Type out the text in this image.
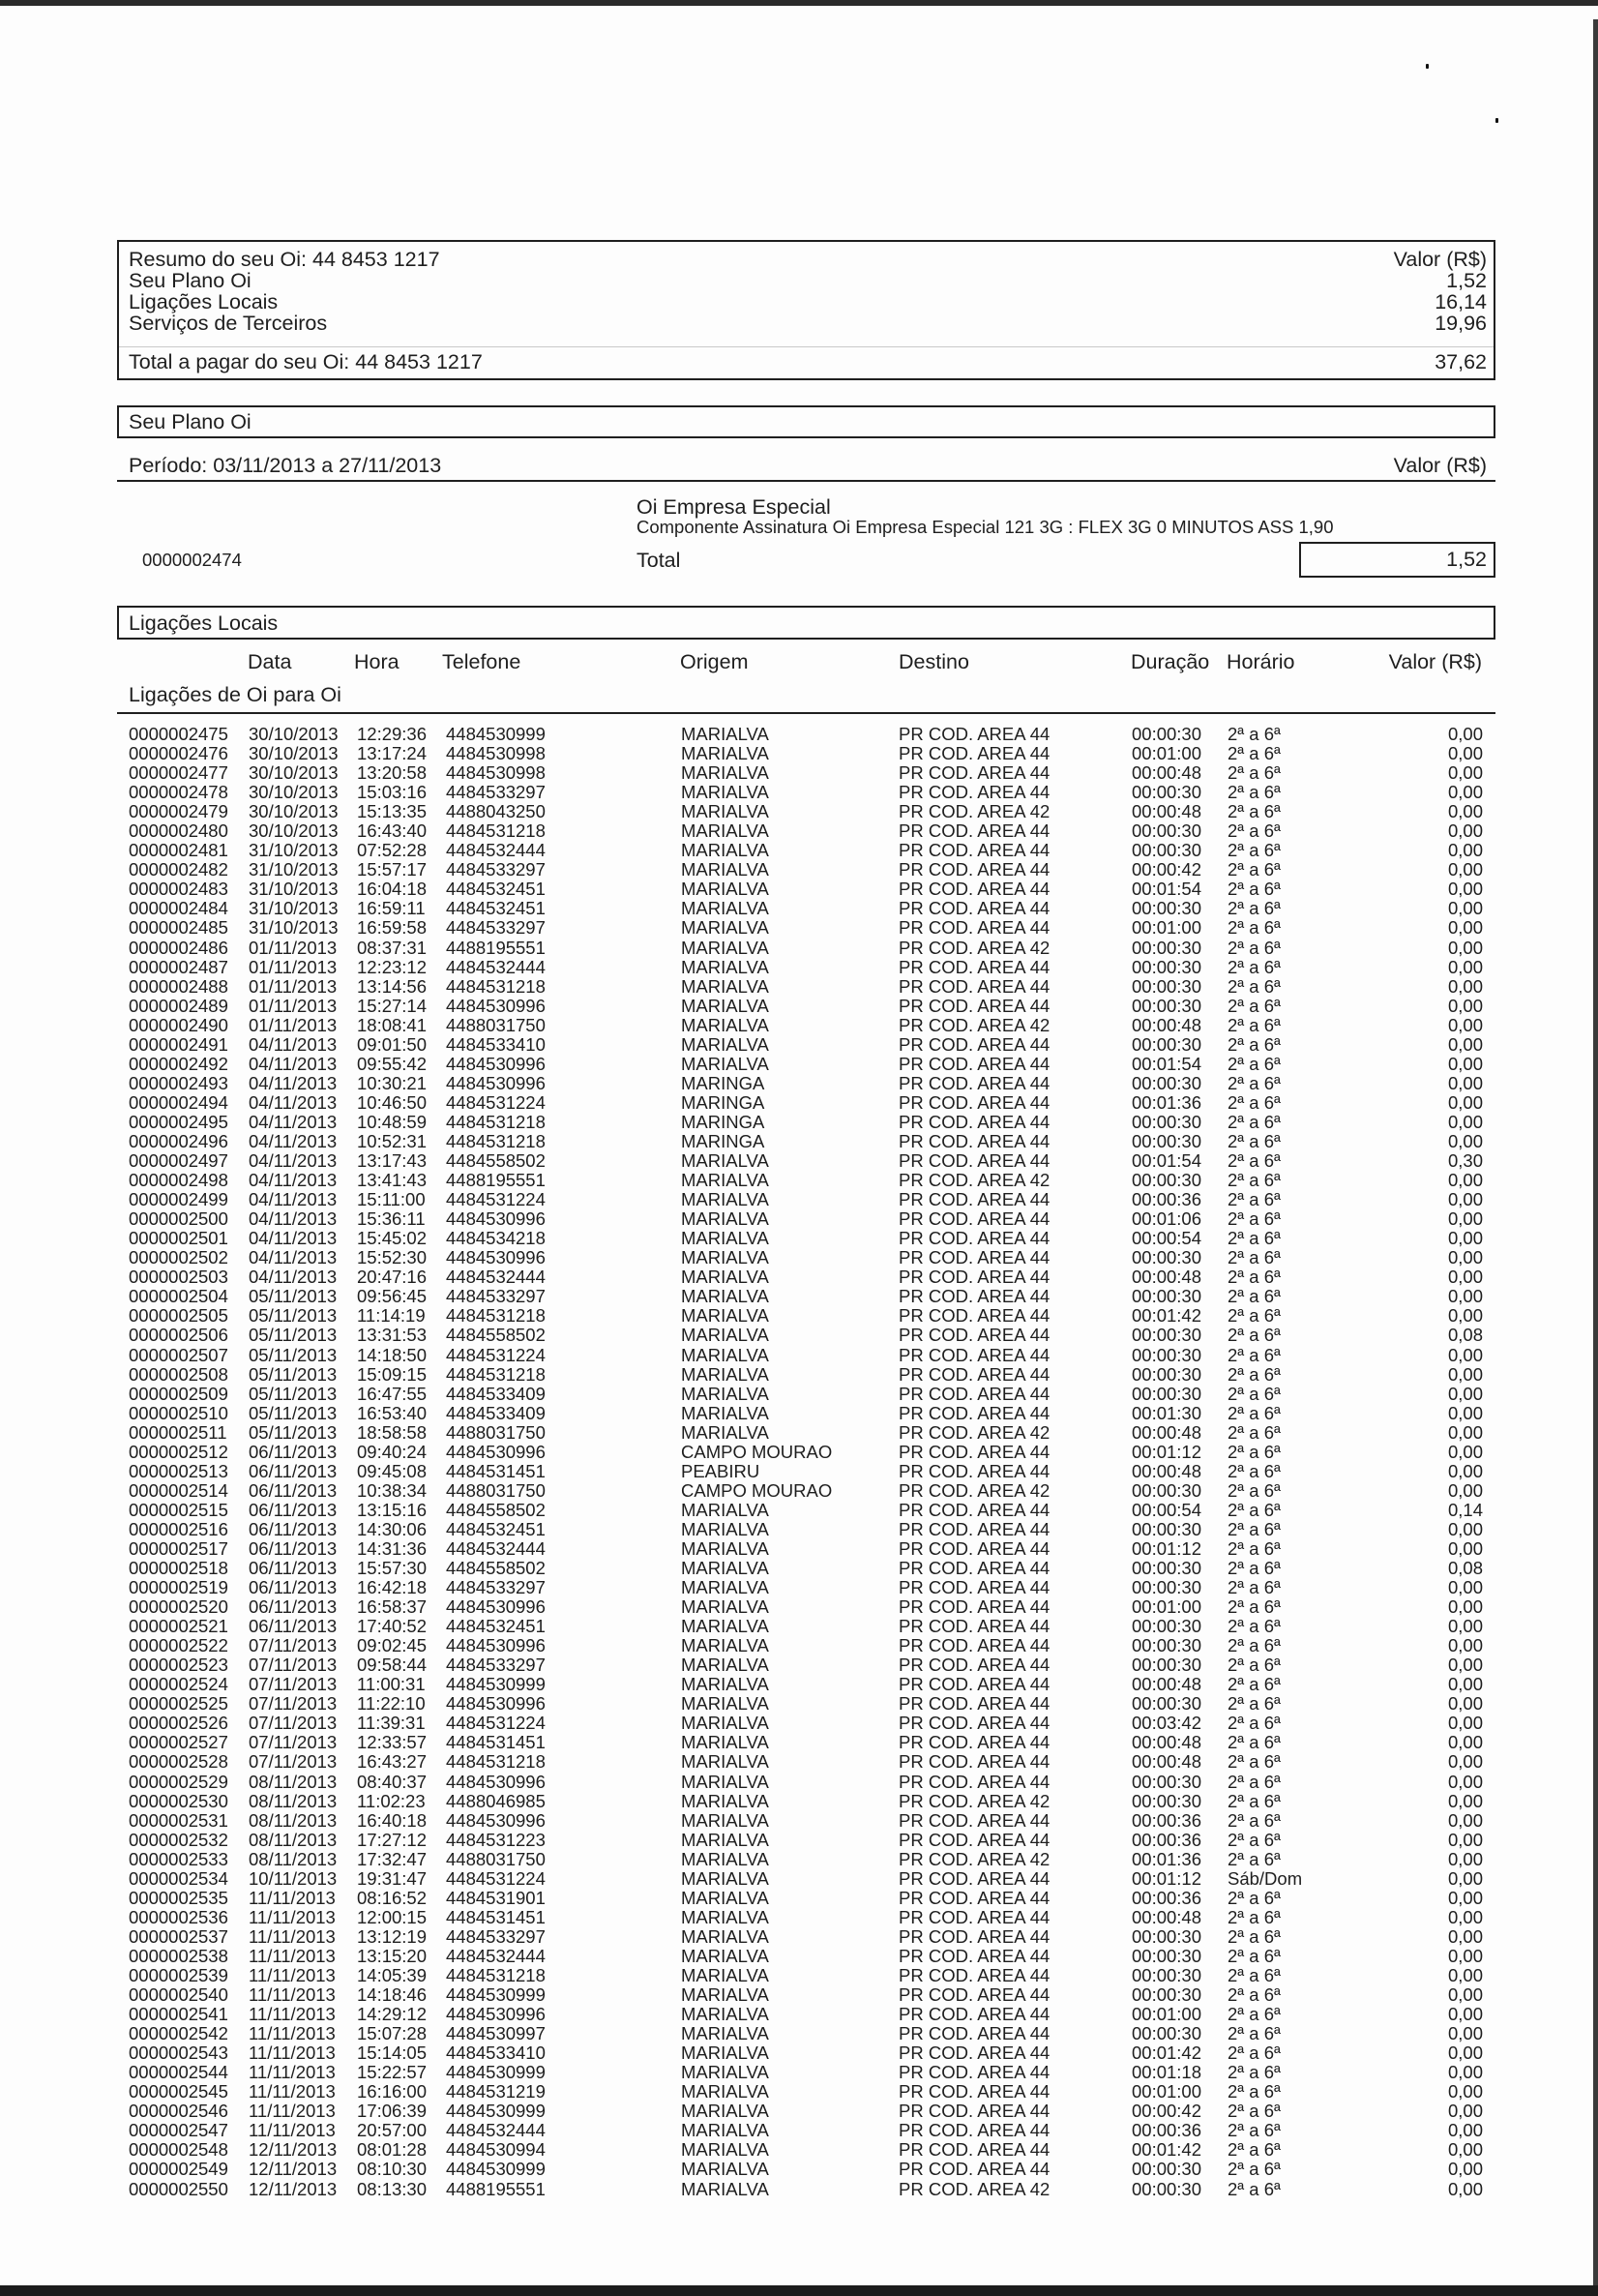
Resumo do seu Oi: 44 8453 1217	Valor (R$)
Seu Plano Oi	1,52
Ligações Locais	16,14
Serviços de Terceiros	19,96
Total a pagar do seu Oi: 44 8453 1217	37,62
Seu Plano Oi
Período: 03/11/2013 a 27/11/2013	Valor (R$)
Oi Empresa Especial
Componente Assinatura Oi Empresa Especial 121 3G : FLEX 3G 0 MINUTOS ASS 1,90
0000002474	Total	1,52
Ligações Locais
Data	Hora Telefone	Origem	Destino	Duração Horário	Valor (R$)
Ligações de Oi para Oi
0000002475 30/10/2013 12:29:36 4484530999	MARIALVA	PR COD. AREA 44	00:00:30 2ª a 6ª	0,00
0000002476 30/10/2013 13:17:24 4484530998	MARIALVA	PR COD. AREA 44	00:01:00 2ª a 6ª	0,00
0000002477 30/10/2013 13:20:58 4484530998	MARIALVA	PR COD. AREA 44	00:00:48 2ª a 6ª	0,00
0000002478 30/10/2013 15:03:16 4484533297	MARIALVA	PR COD. AREA 44	00:00:30 2ª a 6ª	0,00
0000002479 30/10/2013 15:13:35 4488043250	MARIALVA	PR COD. AREA 42	00:00:48 2ª a 6ª	0,00
0000002480 30/10/2013 16:43:40 4484531218	MARIALVA	PR COD. AREA 44	00:00:30 2ª a 6ª	0,00
0000002481 31/10/2013 07:52:28 4484532444	MARIALVA	PR COD. AREA 44	00:00:30 2ª a 6ª	0,00
0000002482 31/10/2013 15:57:17 4484533297	MARIALVA	PR COD. AREA 44	00:00:42 2ª a 6ª	0,00
0000002483 31/10/2013 16:04:18 4484532451	MARIALVA	PR COD. AREA 44	00:01:54 2ª a 6ª	0,00
0000002484 31/10/2013 16:59:11 4484532451	MARIALVA	PR COD. AREA 44	00:00:30 2ª a 6ª	0,00
0000002485 31/10/2013 16:59:58 4484533297	MARIALVA	PR COD. AREA 44	00:01:00 2ª a 6ª	0,00
0000002486 01/11/2013 08:37:31 4488195551	MARIALVA	PR COD. AREA 42	00:00:30 2ª a 6ª	0,00
0000002487 01/11/2013 12:23:12 4484532444	MARIALVA	PR COD. AREA 44	00:00:30 2ª a 6ª	0,00
0000002488 01/11/2013 13:14:56 4484531218	MARIALVA	PR COD. AREA 44	00:00:30 2ª a 6ª	0,00
0000002489 01/11/2013 15:27:14 4484530996	MARIALVA	PR COD. AREA 44	00:00:30 2ª a 6ª	0,00
0000002490 01/11/2013 18:08:41 4488031750	MARIALVA	PR COD. AREA 42	00:00:48 2ª a 6ª	0,00
0000002491 04/11/2013 09:01:50 4484533410	MARIALVA	PR COD. AREA 44	00:00:30 2ª a 6ª	0,00
0000002492 04/11/2013 09:55:42 4484530996	MARIALVA	PR COD. AREA 44	00:01:54 2ª a 6ª	0,00
0000002493 04/11/2013 10:30:21 4484530996	MARINGA	PR COD. AREA 44	00:00:30 2ª a 6ª	0,00
0000002494 04/11/2013 10:46:50 4484531224	MARINGA	PR COD. AREA 44	00:01:36 2ª a 6ª	0,00
0000002495 04/11/2013 10:48:59 4484531218	MARINGA	PR COD. AREA 44	00:00:30 2ª a 6ª	0,00
0000002496 04/11/2013 10:52:31 4484531218	MARINGA	PR COD. AREA 44	00:00:30 2ª a 6ª	0,00
0000002497 04/11/2013 13:17:43 4484558502	MARIALVA	PR COD. AREA 44	00:01:54 2ª a 6ª	0,30
0000002498 04/11/2013 13:41:43 4488195551	MARIALVA	PR COD. AREA 42	00:00:30 2ª a 6ª	0,00
0000002499 04/11/2013 15:11:00 4484531224	MARIALVA	PR COD. AREA 44	00:00:36 2ª a 6ª	0,00
0000002500 04/11/2013 15:36:11 4484530996	MARIALVA	PR COD. AREA 44	00:01:06 2ª a 6ª	0,00
0000002501 04/11/2013 15:45:02 4484534218	MARIALVA	PR COD. AREA 44	00:00:54 2ª a 6ª	0,00
0000002502 04/11/2013 15:52:30 4484530996	MARIALVA	PR COD. AREA 44	00:00:30 2ª a 6ª	0,00
0000002503 04/11/2013 20:47:16 4484532444	MARIALVA	PR COD. AREA 44	00:00:48 2ª a 6ª	0,00
0000002504 05/11/2013 09:56:45 4484533297	MARIALVA	PR COD. AREA 44	00:00:30 2ª a 6ª	0,00
0000002505 05/11/2013 11:14:19 4484531218	MARIALVA	PR COD. AREA 44	00:01:42 2ª a 6ª	0,00
0000002506 05/11/2013 13:31:53 4484558502	MARIALVA	PR COD. AREA 44	00:00:30 2ª a 6ª	0,08
0000002507 05/11/2013 14:18:50 4484531224	MARIALVA	PR COD. AREA 44	00:00:30 2ª a 6ª	0,00
0000002508 05/11/2013 15:09:15 4484531218	MARIALVA	PR COD. AREA 44	00:00:30 2ª a 6ª	0,00
0000002509 05/11/2013 16:47:55 4484533409	MARIALVA	PR COD. AREA 44	00:00:30 2ª a 6ª	0,00
0000002510 05/11/2013 16:53:40 4484533409	MARIALVA	PR COD. AREA 44	00:01:30 2ª a 6ª	0,00
0000002511 05/11/2013 18:58:58 4488031750	MARIALVA	PR COD. AREA 42	00:00:48 2ª a 6ª	0,00
0000002512 06/11/2013 09:40:24 4484530996	CAMPO MOURAO	PR COD. AREA 44	00:01:12 2ª a 6ª	0,00
0000002513 06/11/2013 09:45:08 4484531451	PEABIRU	PR COD. AREA 44	00:00:48 2ª a 6ª	0,00
0000002514 06/11/2013 10:38:34 4488031750	CAMPO MOURAO	PR COD. AREA 42	00:00:30 2ª a 6ª	0,00
0000002515 06/11/2013 13:15:16 4484558502	MARIALVA	PR COD. AREA 44	00:00:54 2ª a 6ª	0,14
0000002516 06/11/2013 14:30:06 4484532451	MARIALVA	PR COD. AREA 44	00:00:30 2ª a 6ª	0,00
0000002517 06/11/2013 14:31:36 4484532444	MARIALVA	PR COD. AREA 44	00:01:12 2ª a 6ª	0,00
0000002518 06/11/2013 15:57:30 4484558502	MARIALVA	PR COD. AREA 44	00:00:30 2ª a 6ª	0,08
0000002519 06/11/2013 16:42:18 4484533297	MARIALVA	PR COD. AREA 44	00:00:30 2ª a 6ª	0,00
0000002520 06/11/2013 16:58:37 4484530996	MARIALVA	PR COD. AREA 44	00:01:00 2ª a 6ª	0,00
0000002521 06/11/2013 17:40:52 4484532451	MARIALVA	PR COD. AREA 44	00:00:30 2ª a 6ª	0,00
0000002522 07/11/2013 09:02:45 4484530996	MARIALVA	PR COD. AREA 44	00:00:30 2ª a 6ª	0,00
0000002523 07/11/2013 09:58:44 4484533297	MARIALVA	PR COD. AREA 44	00:00:30 2ª a 6ª	0,00
0000002524 07/11/2013 11:00:31 4484530999	MARIALVA	PR COD. AREA 44	00:00:48 2ª a 6ª	0,00
0000002525 07/11/2013 11:22:10 4484530996	MARIALVA	PR COD. AREA 44	00:00:30 2ª a 6ª	0,00
0000002526 07/11/2013 11:39:31 4484531224	MARIALVA	PR COD. AREA 44	00:03:42 2ª a 6ª	0,00
0000002527 07/11/2013 12:33:57 4484531451	MARIALVA	PR COD. AREA 44	00:00:48 2ª a 6ª	0,00
0000002528 07/11/2013 16:43:27 4484531218	MARIALVA	PR COD. AREA 44	00:00:48 2ª a 6ª	0,00
0000002529 08/11/2013 08:40:37 4484530996	MARIALVA	PR COD. AREA 44	00:00:30 2ª a 6ª	0,00
0000002530 08/11/2013 11:02:23 4488046985	MARIALVA	PR COD. AREA 42	00:00:30 2ª a 6ª	0,00
0000002531 08/11/2013 16:40:18 4484530996	MARIALVA	PR COD. AREA 44	00:00:36 2ª a 6ª	0,00
0000002532 08/11/2013 17:27:12 4484531223	MARIALVA	PR COD. AREA 44	00:00:36 2ª a 6ª	0,00
0000002533 08/11/2013 17:32:47 4488031750	MARIALVA	PR COD. AREA 42	00:01:36 2ª a 6ª	0,00
0000002534 10/11/2013 19:31:47 4484531224	MARIALVA	PR COD. AREA 44	00:01:12 Sáb/Dom	0,00
0000002535 11/11/2013 08:16:52 4484531901	MARIALVA	PR COD. AREA 44	00:00:36 2ª a 6ª	0,00
0000002536 11/11/2013 12:00:15 4484531451	MARIALVA	PR COD. AREA 44	00:00:48 2ª a 6ª	0,00
0000002537 11/11/2013 13:12:19 4484533297	MARIALVA	PR COD. AREA 44	00:00:30 2ª a 6ª	0,00
0000002538 11/11/2013 13:15:20 4484532444	MARIALVA	PR COD. AREA 44	00:00:30 2ª a 6ª	0,00
0000002539 11/11/2013 14:05:39 4484531218	MARIALVA	PR COD. AREA 44	00:00:30 2ª a 6ª	0,00
0000002540 11/11/2013 14:18:46 4484530999	MARIALVA	PR COD. AREA 44	00:00:30 2ª a 6ª	0,00
0000002541 11/11/2013 14:29:12 4484530996	MARIALVA	PR COD. AREA 44	00:01:00 2ª a 6ª	0,00
0000002542 11/11/2013 15:07:28 4484530997	MARIALVA	PR COD. AREA 44	00:00:30 2ª a 6ª	0,00
0000002543 11/11/2013 15:14:05 4484533410	MARIALVA	PR COD. AREA 44	00:01:42 2ª a 6ª	0,00
0000002544 11/11/2013 15:22:57 4484530999	MARIALVA	PR COD. AREA 44	00:01:18 2ª a 6ª	0,00
0000002545 11/11/2013 16:16:00 4484531219	MARIALVA	PR COD. AREA 44	00:01:00 2ª a 6ª	0,00
0000002546 11/11/2013 17:06:39 4484530999	MARIALVA	PR COD. AREA 44	00:00:42 2ª a 6ª	0,00
0000002547 11/11/2013 20:57:00 4484532444	MARIALVA	PR COD. AREA 44	00:00:36 2ª a 6ª	0,00
0000002548 12/11/2013 08:01:28 4484530994	MARIALVA	PR COD. AREA 44	00:01:42 2ª a 6ª	0,00
0000002549 12/11/2013 08:10:30 4484530999	MARIALVA	PR COD. AREA 44	00:00:30 2ª a 6ª	0,00
0000002550 12/11/2013 08:13:30 4488195551	MARIALVA	PR COD. AREA 42	00:00:30 2ª a 6ª	0,00
